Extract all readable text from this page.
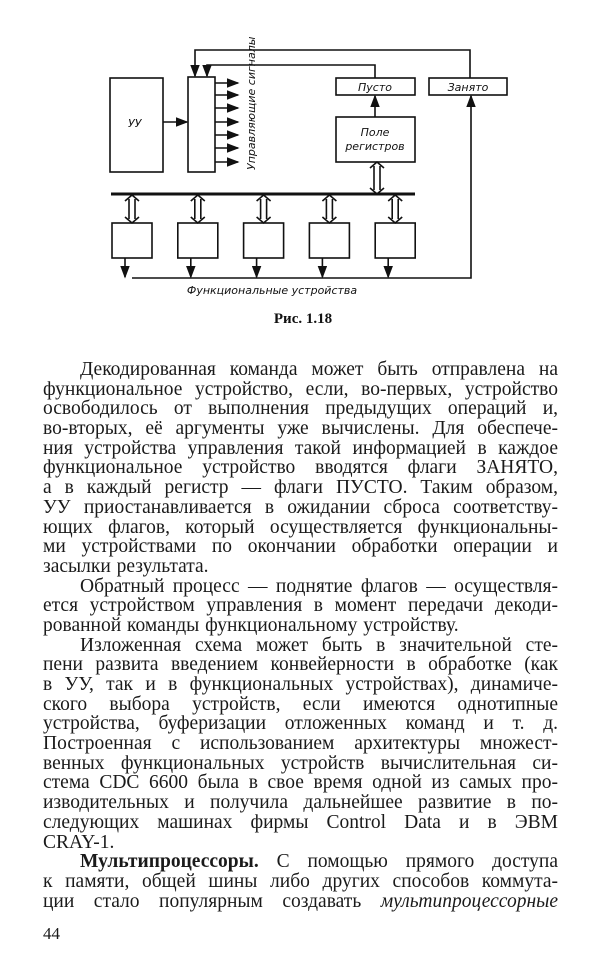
УУ	Управляющие сигналы	Пусто	Занято
Поле
регистров
Функциональные устройства
Рис. 1.18
Декодированная команда может быть отправлена на
функциональное устройство, если, во-первых, устройство
освободилось от выполнения предыдущих операций и,
во-вторых, её аргументы уже вычислены. Для обеспече-
ния устройства управления такой информацией в каждое
функциональное устройство вводятся флаги ЗАНЯТО,
а в каждый регистр — флаги ПУСТО. Таким образом,
УУ приостанавливается в ожидании сброса соответству-
ющих флагов, который осуществляется функциональны-
ми устройствами по окончании обработки операции и
засылки результата.
Обратный процесс — поднятие флагов — осуществля-
ется устройством управления в момент передачи декоди-
рованной команды функциональному устройству.
Изложенная схема может быть в значительной сте-
пени развита введением конвейерности в обработке (как
в УУ, так и в функциональных устройствах), динамиче-
ского выбора устройств, если имеются однотипные
устройства, буферизации отложенных команд и т. д.
Построенная с использованием архитектуры множест-
венных функциональных устройств вычислительная си-
стема CDC 6600 была в свое время одной из самых про-
изводительных и получила дальнейшее развитие в по-
следующих машинах фирмы Control Data и в ЭВМ
CRAY-1.
Мультипроцессоры. С помощью прямого доступа
к памяти, общей шины либо других способов коммута-
ции стало популярным создавать мультипроцессорные
44
